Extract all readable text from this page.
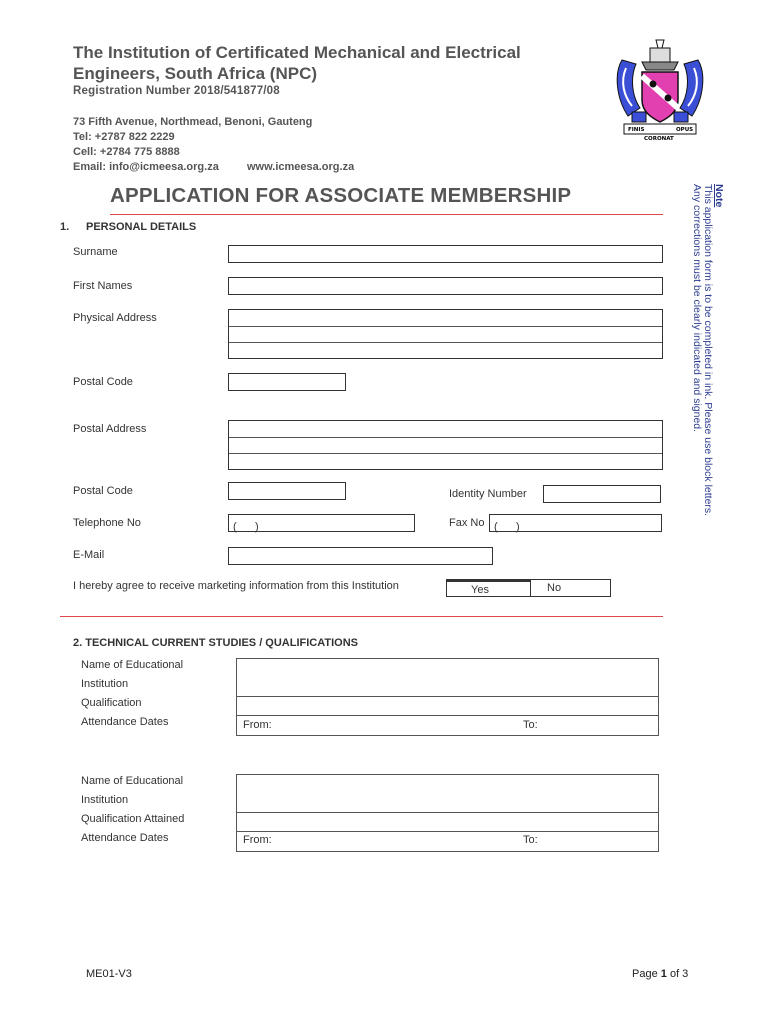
The Institution of Certificated Mechanical and Electrical Engineers, South Africa (NPC)
Registration Number 2018/541877/08
73 Fifth Avenue, Northmead, Benoni, Gauteng
Tel: +2787 822 2229
Cell: +2784 775 8888
Email: info@icmeesa.org.za	www.icmeesa.org.za
FINIS	OPUS
CORONAT
APPLICATION FOR ASSOCIATE MEMBERSHIP	Note
This application form is to be completed in ink. Please use block letters.
Any corrections must be clearly indicated and signed.
1. PERSONAL DETAILS
Surname
First Names
Physical Address
Postal Code
Postal Address
Postal Code	Identity Number
Telephone No	(      )	Fax No (      )
E-Mail
I hereby agree to receive marketing information from this Institution	Yes	No
2. TECHNICAL CURRENT STUDIES / QUALIFICATIONS
Name of Educational
Institution
Qualification
Attendance Dates	From:	To:
Name of Educational
Institution
Qualification Attained
Attendance Dates	From:	To:
ME01-V3	Page 1 of 3
